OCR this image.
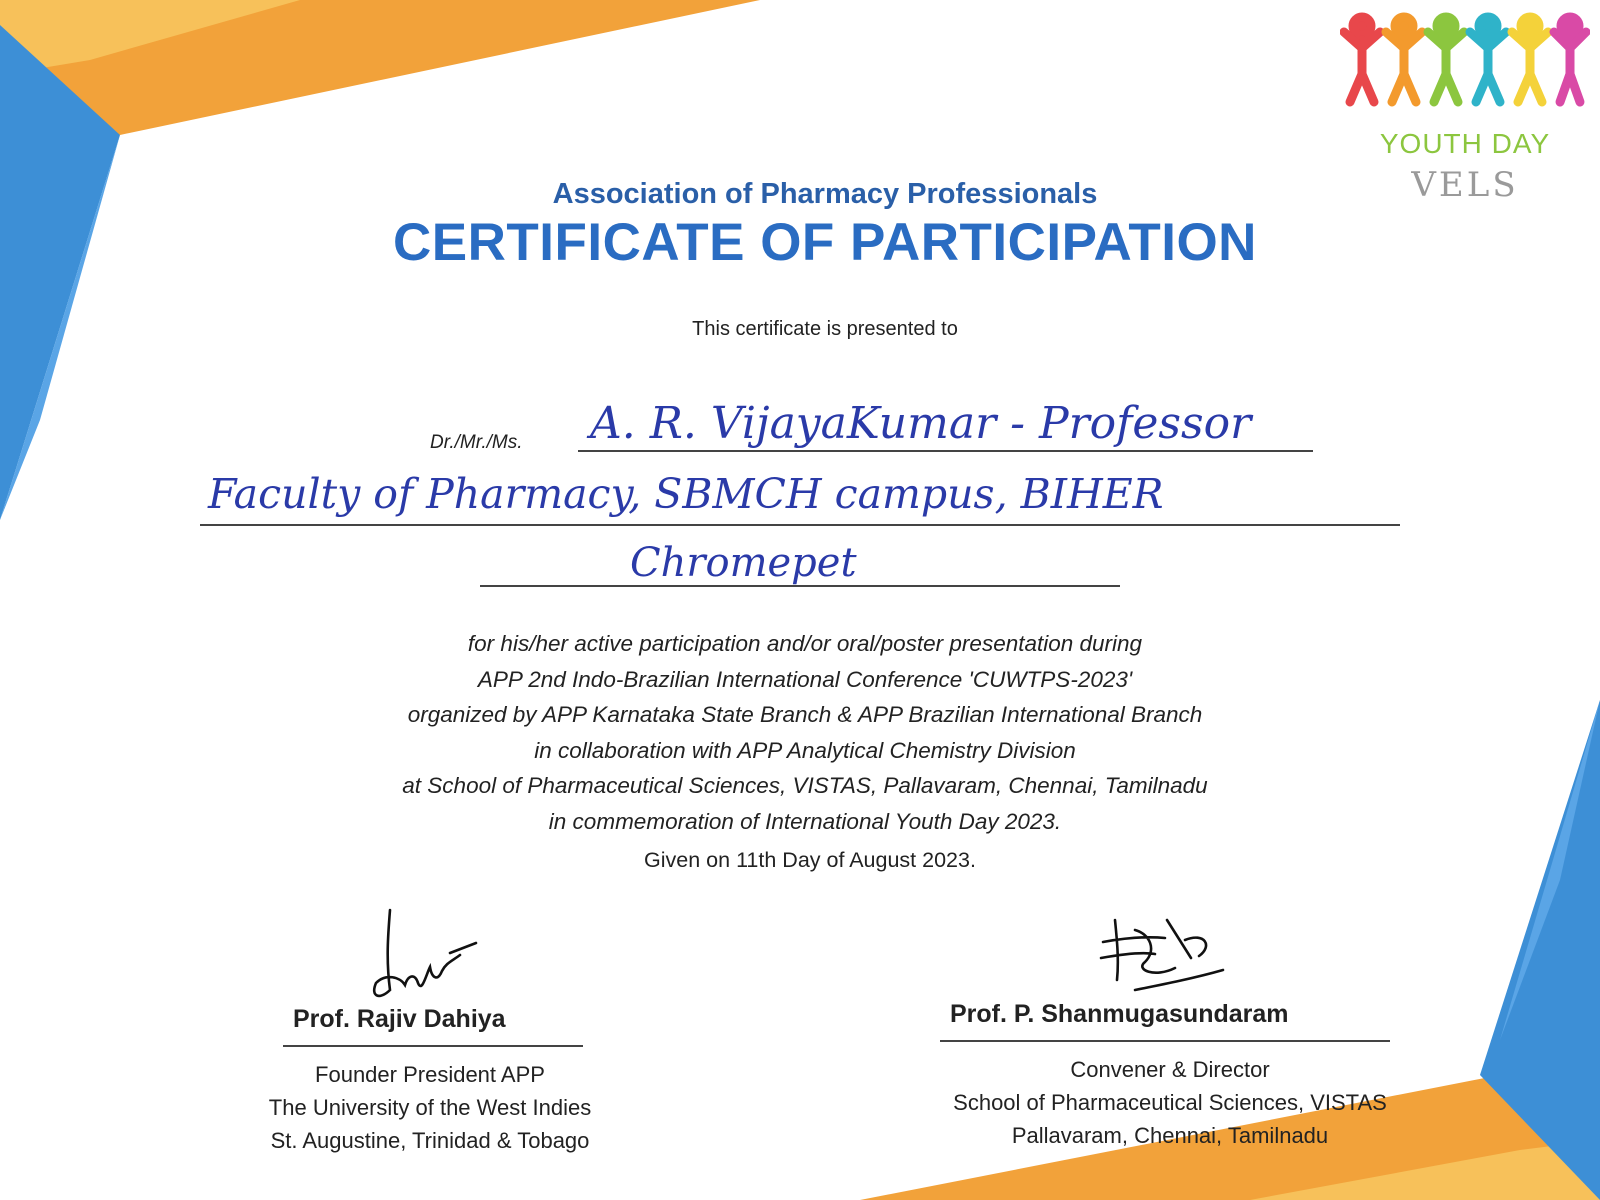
YOUTH DAY
VELS
Association of Pharmacy Professionals
CERTIFICATE OF PARTICIPATION
This certificate is presented to
Dr./Mr./Ms. A. R. VijayaKumar - Professor
Faculty of Pharmacy, SBMCH campus, BIHER
Chromepet
for his/her active participation and/or oral/poster presentation during
APP 2nd Indo-Brazilian International Conference 'CUWTPS-2023'
organized by APP Karnataka State Branch & APP Brazilian International Branch
in collaboration with APP Analytical Chemistry Division
at School of Pharmaceutical Sciences, VISTAS, Pallavaram, Chennai, Tamilnadu
in commemoration of International Youth Day 2023.
Given on 11th Day of August 2023.
Prof. Rajiv Dahiya
Founder President APP
The University of the West Indies
St. Augustine, Trinidad & Tobago
Prof. P. Shanmugasundaram
Convener & Director
School of Pharmaceutical Sciences, VISTAS
Pallavaram, Chennai, Tamilnadu
